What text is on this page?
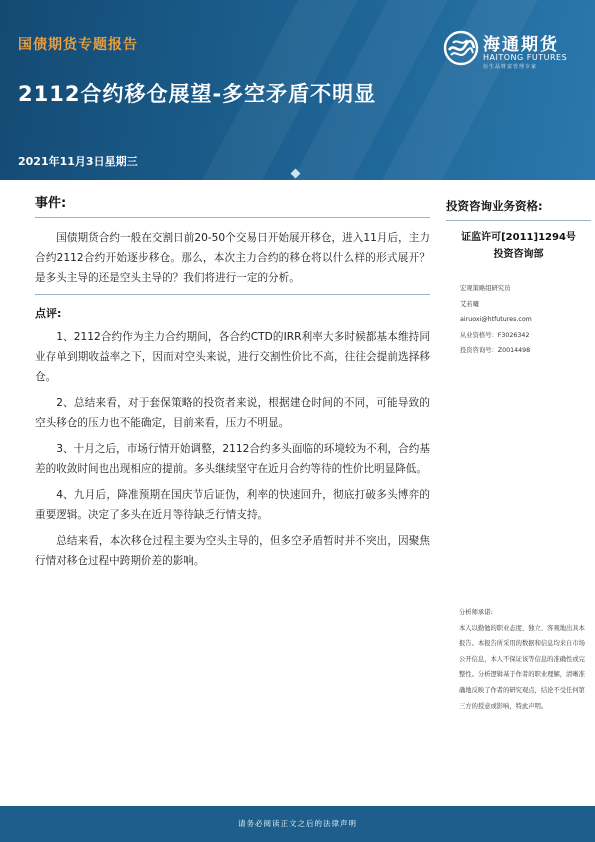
国债期货专题报告
2112合约移仓展望-多空矛盾不明显
2021年11月3日星期三
海通期货
HAITONG FUTURES
衍生品财富管理专家
事件:

国债期货合约一般在交割日前20-50个交易日开始展开移仓，进入11月后，主力合约2112合约开始逐步移仓。那么，本次主力合约的移仓将以什么样的形式展开？是多头主导的还是空头主导的？我们将进行一定的分析。

点评:

1、2112合约作为主力合约期间，各合约CTD的IRR利率大多时候都基本维持同业存单到期收益率之下，因而对空头来说，进行交割性价比不高，往往会提前选择移仓。

2、总结来看，对于套保策略的投资者来说，根据建仓时间的不同，可能导致的空头移仓的压力也不能确定，目前来看，压力不明显。

3、十月之后，市场行情开始调整，2112合约多头面临的环境较为不利，合约基差的收敛时间也出现相应的提前。多头继续坚守在近月合约等待的性价比明显降低。

4、九月后，降准预期在国庆节后证伪，利率的快速回升，彻底打破多头博弈的重要逻辑。决定了多头在近月等待缺乏行情支持。

总结来看，本次移仓过程主要为空头主导的，但多空矛盾暂时并不突出，因聚焦行情对移仓过程中跨期价差的影响。

投资咨询业务资格:
证监许可[2011]1294号
投资咨询部
宏观策略组研究员
艾若曦
airuoxi@htfutures.com
从业资格号：F3026342
投资咨询号：Z0014498
分析师承诺:
本人以勤勉的职业态度、独立、客观地出具本报告。本报告所采用的数据和信息均来自市场公开信息，本人不保证该等信息的准确性或完整性。分析逻辑基于作者的职业理解，清晰准确地反映了作者的研究观点，结论不受任何第三方的授意或影响，特此声明。
请务必阅读正文之后的法律声明
